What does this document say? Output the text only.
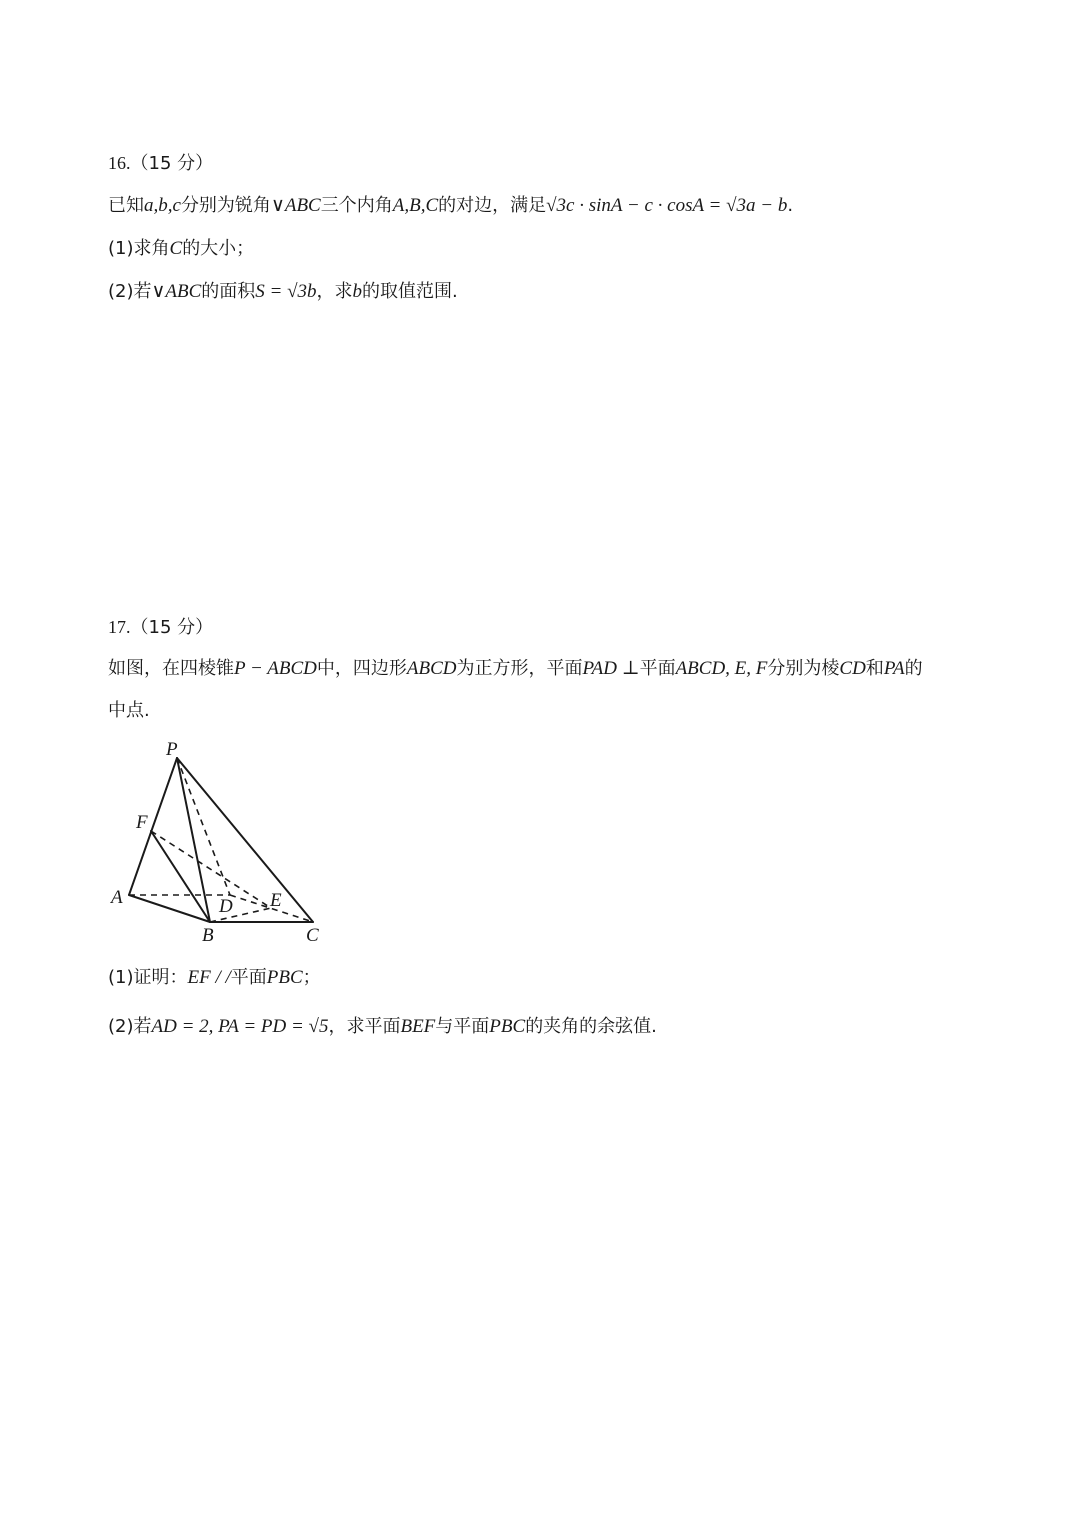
16.（15 分）
已知a,b,c分别为锐角∨ABC三个内角A,B,C的对边，满足√3c · sinA − c · cosA = √3a − b.
(1)求角C的大小；
(2)若∨ABC的面积S = √3b，求b的取值范围.
17.（15 分）
如图，在四棱锥P − ABCD中，四边形ABCD为正方形，平面PAD ⊥平面ABCD, E, F分别为棱CD和PA的
中点.
P
F
A	D E
B	C
(1)证明：EF / /平面PBC；
(2)若AD = 2, PA = PD = √5，求平面BEF与平面PBC的夹角的余弦值.
